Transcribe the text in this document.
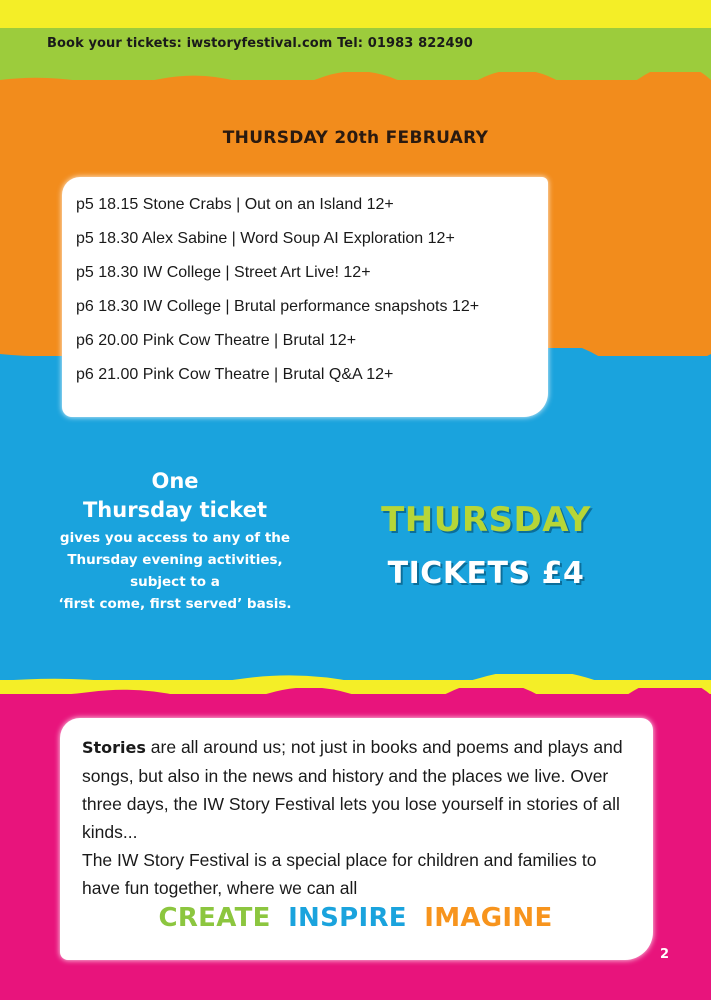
Book your tickets: iwstoryfestival.com Tel: 01983 822490
THURSDAY 20th FEBRUARY
p5 18.15 Stone Crabs | Out on an Island 12+
p5 18.30 Alex Sabine | Word Soup AI Exploration 12+
p5 18.30 IW College | Street Art Live! 12+
p6 18.30 IW College | Brutal performance snapshots 12+
p6 20.00 Pink Cow Theatre | Brutal 12+
p6 21.00 Pink Cow Theatre | Brutal Q&A 12+
One
Thursday ticket
gives you access to any of the
Thursday evening activities,
subject to a
‘first come, first served’ basis.
THURSDAY
TICKETS £4

Stories are all around us; not just in books and poems and plays and songs, but also in the news and history and the places we live. Over three days, the IW Story Festival lets you lose yourself in stories of all kinds...

The IW Story Festival is a special place for children and families to have fun together, where we can all

CREATE INSPIRE IMAGINE
2
